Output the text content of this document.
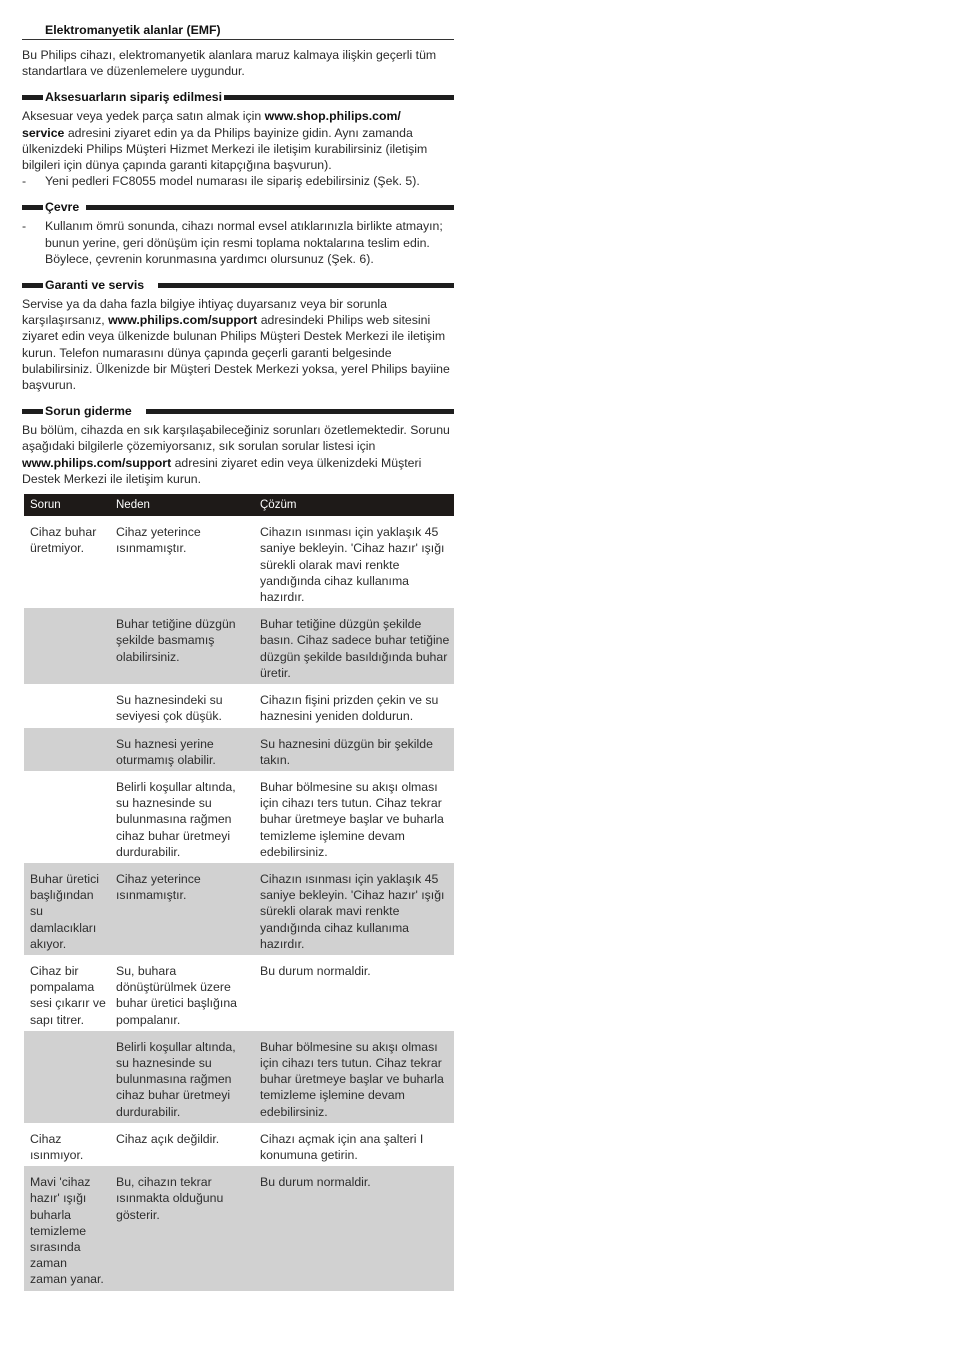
Elektromanyetik alanlar (EMF)

Bu Philips cihazı, elektromanyetik alanlara maruz kalmaya ilişkin geçerli tüm standartlara ve düzenlemelere uygundur.

Aksesuarların sipariş edilmesi

Aksesuar veya yedek parça satın almak için www.shop.philips.com/
service adresini ziyaret edin ya da Philips bayinize gidin. Aynı zamanda ülkenizdeki Philips Müşteri Hizmet Merkezi ile iletişim kurabilirsiniz (iletişim bilgileri için dünya çapında garanti kitapçığına başvurun).

- Yeni pedleri FC8055 model numarası ile sipariş edebilirsiniz (Şek. 5).

Çevre

- Kullanım ömrü sonunda, cihazı normal evsel atıklarınızla birlikte atmayın; bunun yerine, geri dönüşüm için resmi toplama noktalarına teslim edin. Böylece, çevrenin korunmasına yardımcı olursunuz (Şek. 6).

Garanti ve servis

Servise ya da daha fazla bilgiye ihtiyaç duyarsanız veya bir sorunla karşılaşırsanız, www.philips.com/support adresindeki Philips web sitesini ziyaret edin veya ülkenizde bulunan Philips Müşteri Destek Merkezi ile iletişim kurun. Telefon numarasını dünya çapında geçerli garanti belgesinde bulabilirsiniz. Ülkenizde bir Müşteri Destek Merkezi yoksa, yerel Philips bayiine başvurun.

Sorun giderme

Bu bölüm, cihazda en sık karşılaşabileceğiniz sorunları özetlemektedir. Sorunu aşağıdaki bilgilerle çözemiyorsanız, sık sorulan sorular listesi için www.philips.com/support adresini ziyaret edin veya ülkenizdeki Müşteri Destek Merkezi ile iletişim kurun.

Sorun	Neden	Çözüm
Cihaz buhar üretmiyor.	Cihaz yeterince ısınmamıştır.	Cihazın ısınması için yaklaşık 45 saniye bekleyin. 'Cihaz hazır' ışığı sürekli olarak mavi renkte yandığında cihaz kullanıma hazırdır.
	Buhar tetiğine düzgün şekilde basmamış olabilirsiniz.	Buhar tetiğine düzgün şekilde basın. Cihaz sadece buhar tetiğine düzgün şekilde basıldığında buhar üretir.
	Su haznesindeki su seviyesi çok düşük.	Cihazın fişini prizden çekin ve su haznesini yeniden doldurun.
	Su haznesi yerine oturmamış olabilir.	Su haznesini düzgün bir şekilde takın.
	Belirli koşullar altında, su haznesinde su bulunmasına rağmen cihaz buhar üretmeyi durdurabilir.	Buhar bölmesine su akışı olması için cihazı ters tutun. Cihaz tekrar buhar üretmeye başlar ve buharla temizleme işlemine devam edebilirsiniz.
Buhar üretici başlığından su damlacıkları akıyor.	Cihaz yeterince ısınmamıştır.	Cihazın ısınması için yaklaşık 45 saniye bekleyin. 'Cihaz hazır' ışığı sürekli olarak mavi renkte yandığında cihaz kullanıma hazırdır.
Cihaz bir pompalama sesi çıkarır ve sapı titrer.	Su, buhara dönüştürülmek üzere buhar üretici başlığına pompalanır.	Bu durum normaldir.
	Belirli koşullar altında, su haznesinde su bulunmasına rağmen cihaz buhar üretmeyi durdurabilir.	Buhar bölmesine su akışı olması için cihazı ters tutun. Cihaz tekrar buhar üretmeye başlar ve buharla temizleme işlemine devam edebilirsiniz.
Cihaz ısınmıyor.	Cihaz açık değildir.	Cihazı açmak için ana şalteri I konumuna getirin.
Mavi 'cihaz hazır' ışığı buharla temizleme sırasında zaman zaman yanar.	Bu, cihazın tekrar ısınmakta olduğunu gösterir.	Bu durum normaldir.
